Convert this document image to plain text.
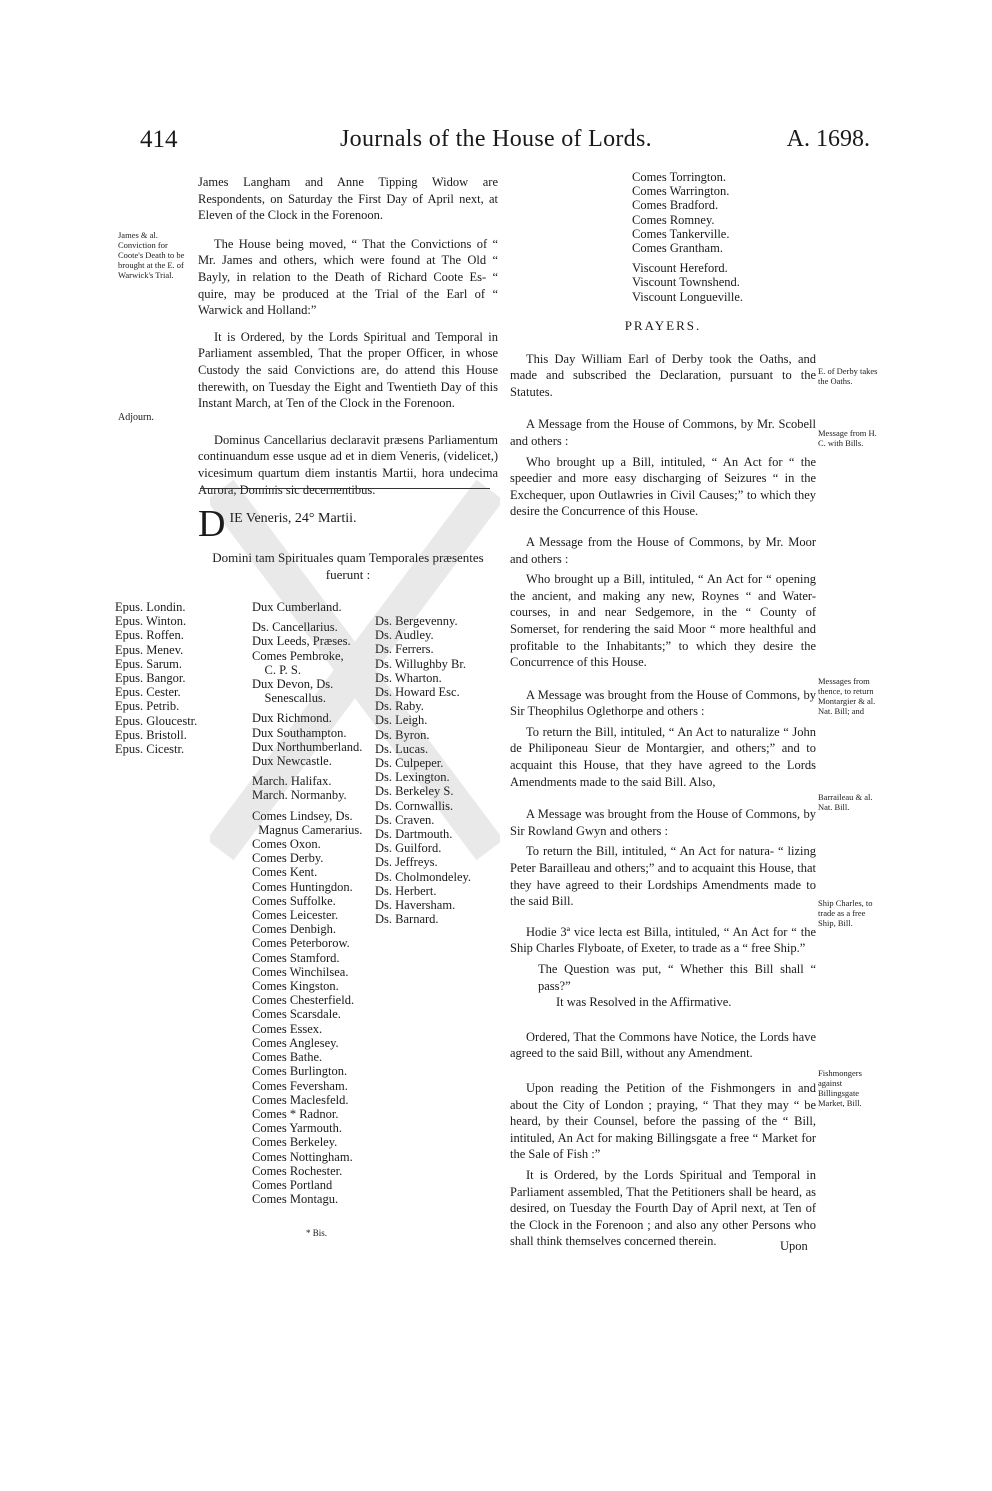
414	Journals of the House of Lords.	A. 1698.

James Langham and Anne Tipping Widow are Respondents, on Saturday the First Day of April next, at Eleven of the Clock in the Forenoon.

The House being moved, “ That the Convictions of “ Mr. James and others, which were found at The Old “ Bayly, in relation to the Death of Richard Coote Es- “ quire, may be produced at the Trial of the Earl of “ Warwick and Holland:”

It is Ordered, by the Lords Spiritual and Temporal in Parliament assembled, That the proper Officer, in whose Custody the said Convictions are, do attend this House therewith, on Tuesday the Eight and Twentieth Day of this Instant March, at Ten of the Clock in the Forenoon.

Dominus Cancellarius declaravit præsens Parliamentum continuandum esse usque ad et in diem Veneris, (videlicet,) vicesimum quartum diem instantis Martii, hora undecima Aurora, Dominis sic decernentibus.

James & al. Conviction for Coote's Death to be brought at the E. of Warwick's Trial.
Adjourn.
D IE Veneris, 24° Martii.
Domini tam Spirituales quam Temporales præsentes fuerunt :
Epus. Londin.
Epus. Winton.
Epus. Roffen.
Epus. Menev.
Epus. Sarum.
Epus. Bangor.
Epus. Cester.
Epus. Petrib.
Epus. Gloucestr.
Epus. Bristoll.
Epus. Cicestr.
Dux Cumberland.
Ds. Cancellarius.
Dux Leeds, Præses.
Comes Pembroke,
C. P. S.
Dux Devon, Ds.
Senescallus.
Dux Richmond.
Dux Southampton.
Dux Northumberland.
Dux Newcastle.
March. Halifax.
March. Normanby.
Comes Lindsey, Ds.
Magnus Camerarius.
Comes Oxon.
Comes Derby.
Comes Kent.
Comes Huntingdon.
Comes Suffolke.
Comes Leicester.
Comes Denbigh.
Comes Peterborow.
Comes Stamford.
Comes Winchilsea.
Comes Kingston.
Comes Chesterfield.
Comes Scarsdale.
Comes Essex.
Comes Anglesey.
Comes Bathe.
Comes Burlington.
Comes Feversham.
Comes Maclesfeld.
Comes * Radnor.
Comes Yarmouth.
Comes Berkeley.
Comes Nottingham.
Comes Rochester.
Comes Portland
Comes Montagu.
Ds. Bergevenny.
Ds. Audley.
Ds. Ferrers.
Ds. Willughby Br.
Ds. Wharton.
Ds. Howard Esc.
Ds. Raby.
Ds. Leigh.
Ds. Byron.
Ds. Lucas.
Ds. Culpeper.
Ds. Lexington.
Ds. Berkeley S.
Ds. Cornwallis.
Ds. Craven.
Ds. Dartmouth.
Ds. Guilford.
Ds. Jeffreys.
Ds. Cholmondeley.
Ds. Herbert.
Ds. Haversham.
Ds. Barnard.
* Bis.
Comes Torrington.
Comes Warrington.
Comes Bradford.
Comes Romney.
Comes Tankerville.
Comes Grantham.
Viscount Hereford.
Viscount Townshend.
Viscount Longueville.

PRAYERS.

This Day William Earl of Derby took the Oaths, and made and subscribed the Declaration, pursuant to the Statutes.

A Message from the House of Commons, by Mr. Scobell and others :

Who brought up a Bill, intituled, “ An Act for “ the speedier and more easy discharging of Seizures “ in the Exchequer, upon Outlawries in Civil Causes;” to which they desire the Concurrence of this House.

A Message from the House of Commons, by Mr. Moor and others :

Who brought up a Bill, intituled, “ An Act for “ opening the ancient, and making any new, Roynes “ and Water-courses, in and near Sedgemore, in the “ County of Somerset, for rendering the said Moor “ more healthful and profitable to the Inhabitants;” to which they desire the Concurrence of this House.

A Message was brought from the House of Commons, by Sir Theophilus Oglethorpe and others :

To return the Bill, intituled, “ An Act to naturalize “ John de Philiponeau Sieur de Montargier, and others;” and to acquaint this House, that they have agreed to the Lords Amendments made to the said Bill. Also,

A Message was brought from the House of Commons, by Sir Rowland Gwyn and others :

To return the Bill, intituled, “ An Act for natura- “ lizing Peter Baraillеau and others;” and to acquaint this House, that they have agreed to their Lordships Amendments made to the said Bill.

Hodie 3ª vice lecta est Billa, intituled, “ An Act for “ the Ship Charles Flyboate, of Exeter, to trade as a “ free Ship.”

The Question was put, “ Whether this Bill shall “ pass?”

It was Resolved in the Affirmative.

Ordered, That the Commons have Notice, the Lords have agreed to the said Bill, without any Amendment.

Upon reading the Petition of the Fishmongers in and about the City of London ; praying, “ That they may “ be heard, by their Counsel, before the passing of the “ Bill, intituled, An Act for making Billingsgate a free “ Market for the Sale of Fish :”

It is Ordered, by the Lords Spiritual and Temporal in Parliament assembled, That the Petitioners shall be heard, as desired, on Tuesday the Fourth Day of April next, at Ten of the Clock in the Forenoon ; and also any other Persons who shall think themselves concerned therein.	Upon
E. of Derby takes the Oaths.
Message from H. C. with Bills.
Messages from thence, to return Montargier & al. Nat. Bill; and
Barraileau & al. Nat. Bill.
Ship Charles, to trade as a free Ship, Bill.
Fishmongers against Billingsgate Market, Bill.
